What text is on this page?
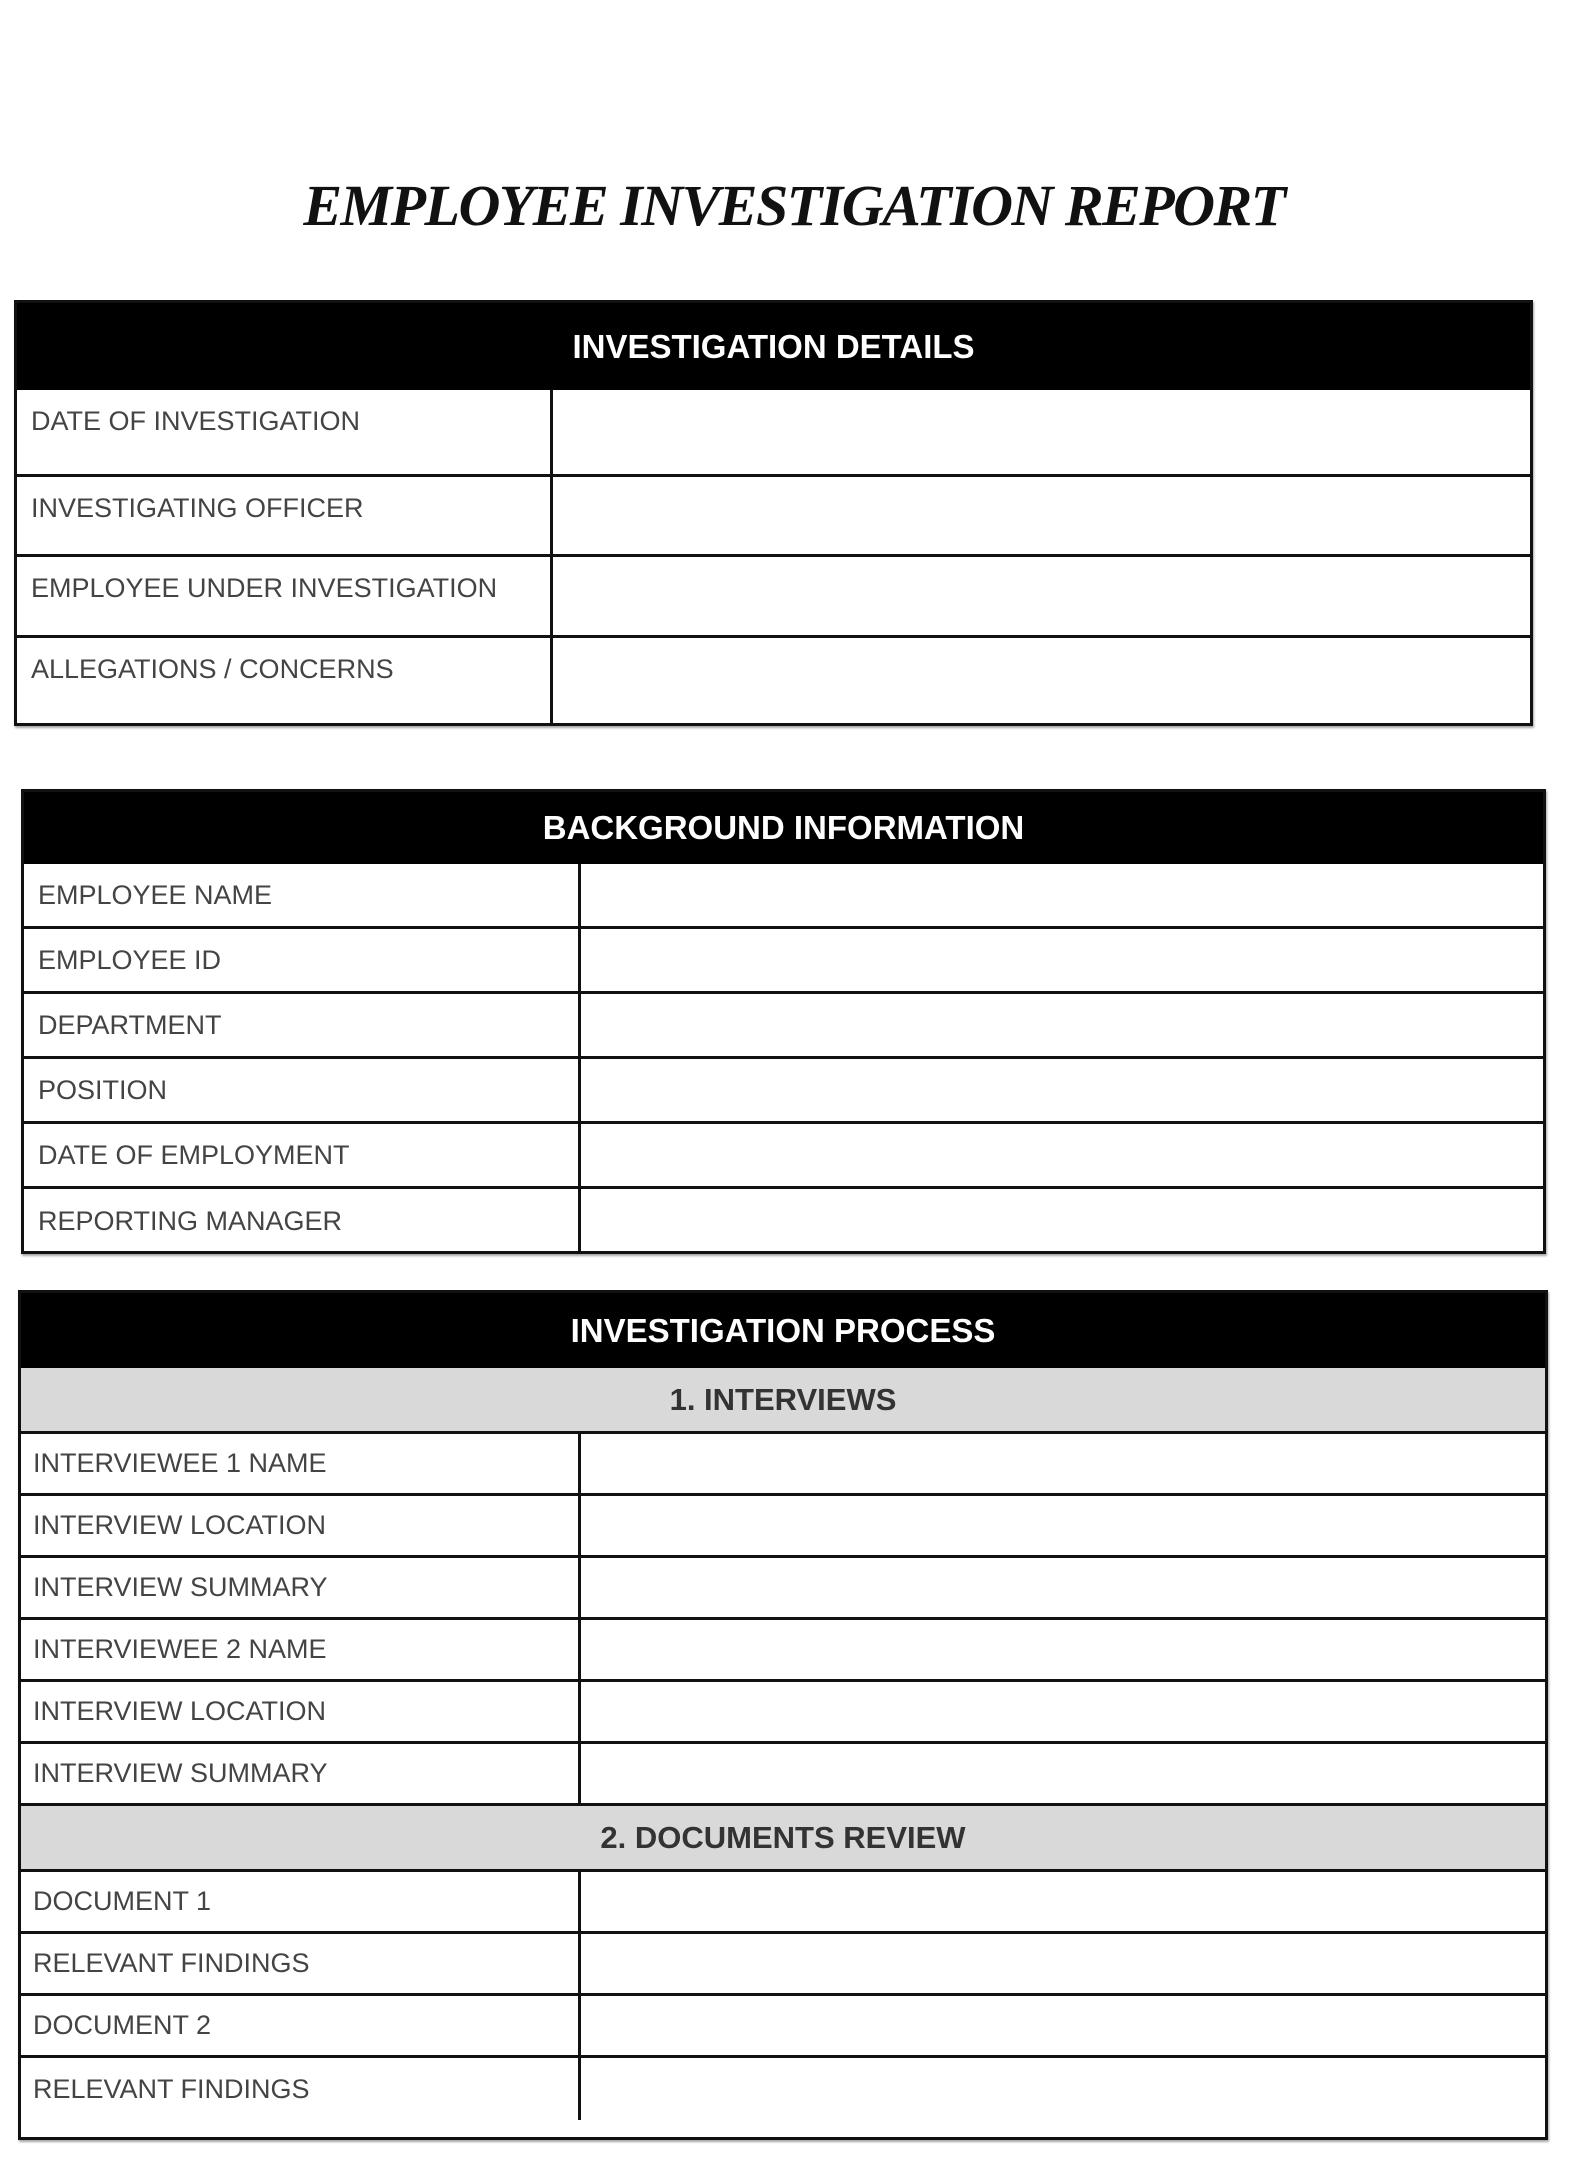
EMPLOYEE INVESTIGATION REPORT
INVESTIGATION DETAILS
DATE OF INVESTIGATION
INVESTIGATING OFFICER
EMPLOYEE UNDER INVESTIGATION
ALLEGATIONS / CONCERNS
BACKGROUND INFORMATION
EMPLOYEE NAME
EMPLOYEE ID
DEPARTMENT
POSITION
DATE OF EMPLOYMENT
REPORTING MANAGER
INVESTIGATION PROCESS
1. INTERVIEWS
INTERVIEWEE 1 NAME
INTERVIEW LOCATION
INTERVIEW SUMMARY
INTERVIEWEE 2 NAME
INTERVIEW LOCATION
INTERVIEW SUMMARY
2. DOCUMENTS REVIEW
DOCUMENT 1
RELEVANT FINDINGS
DOCUMENT 2
RELEVANT FINDINGS
